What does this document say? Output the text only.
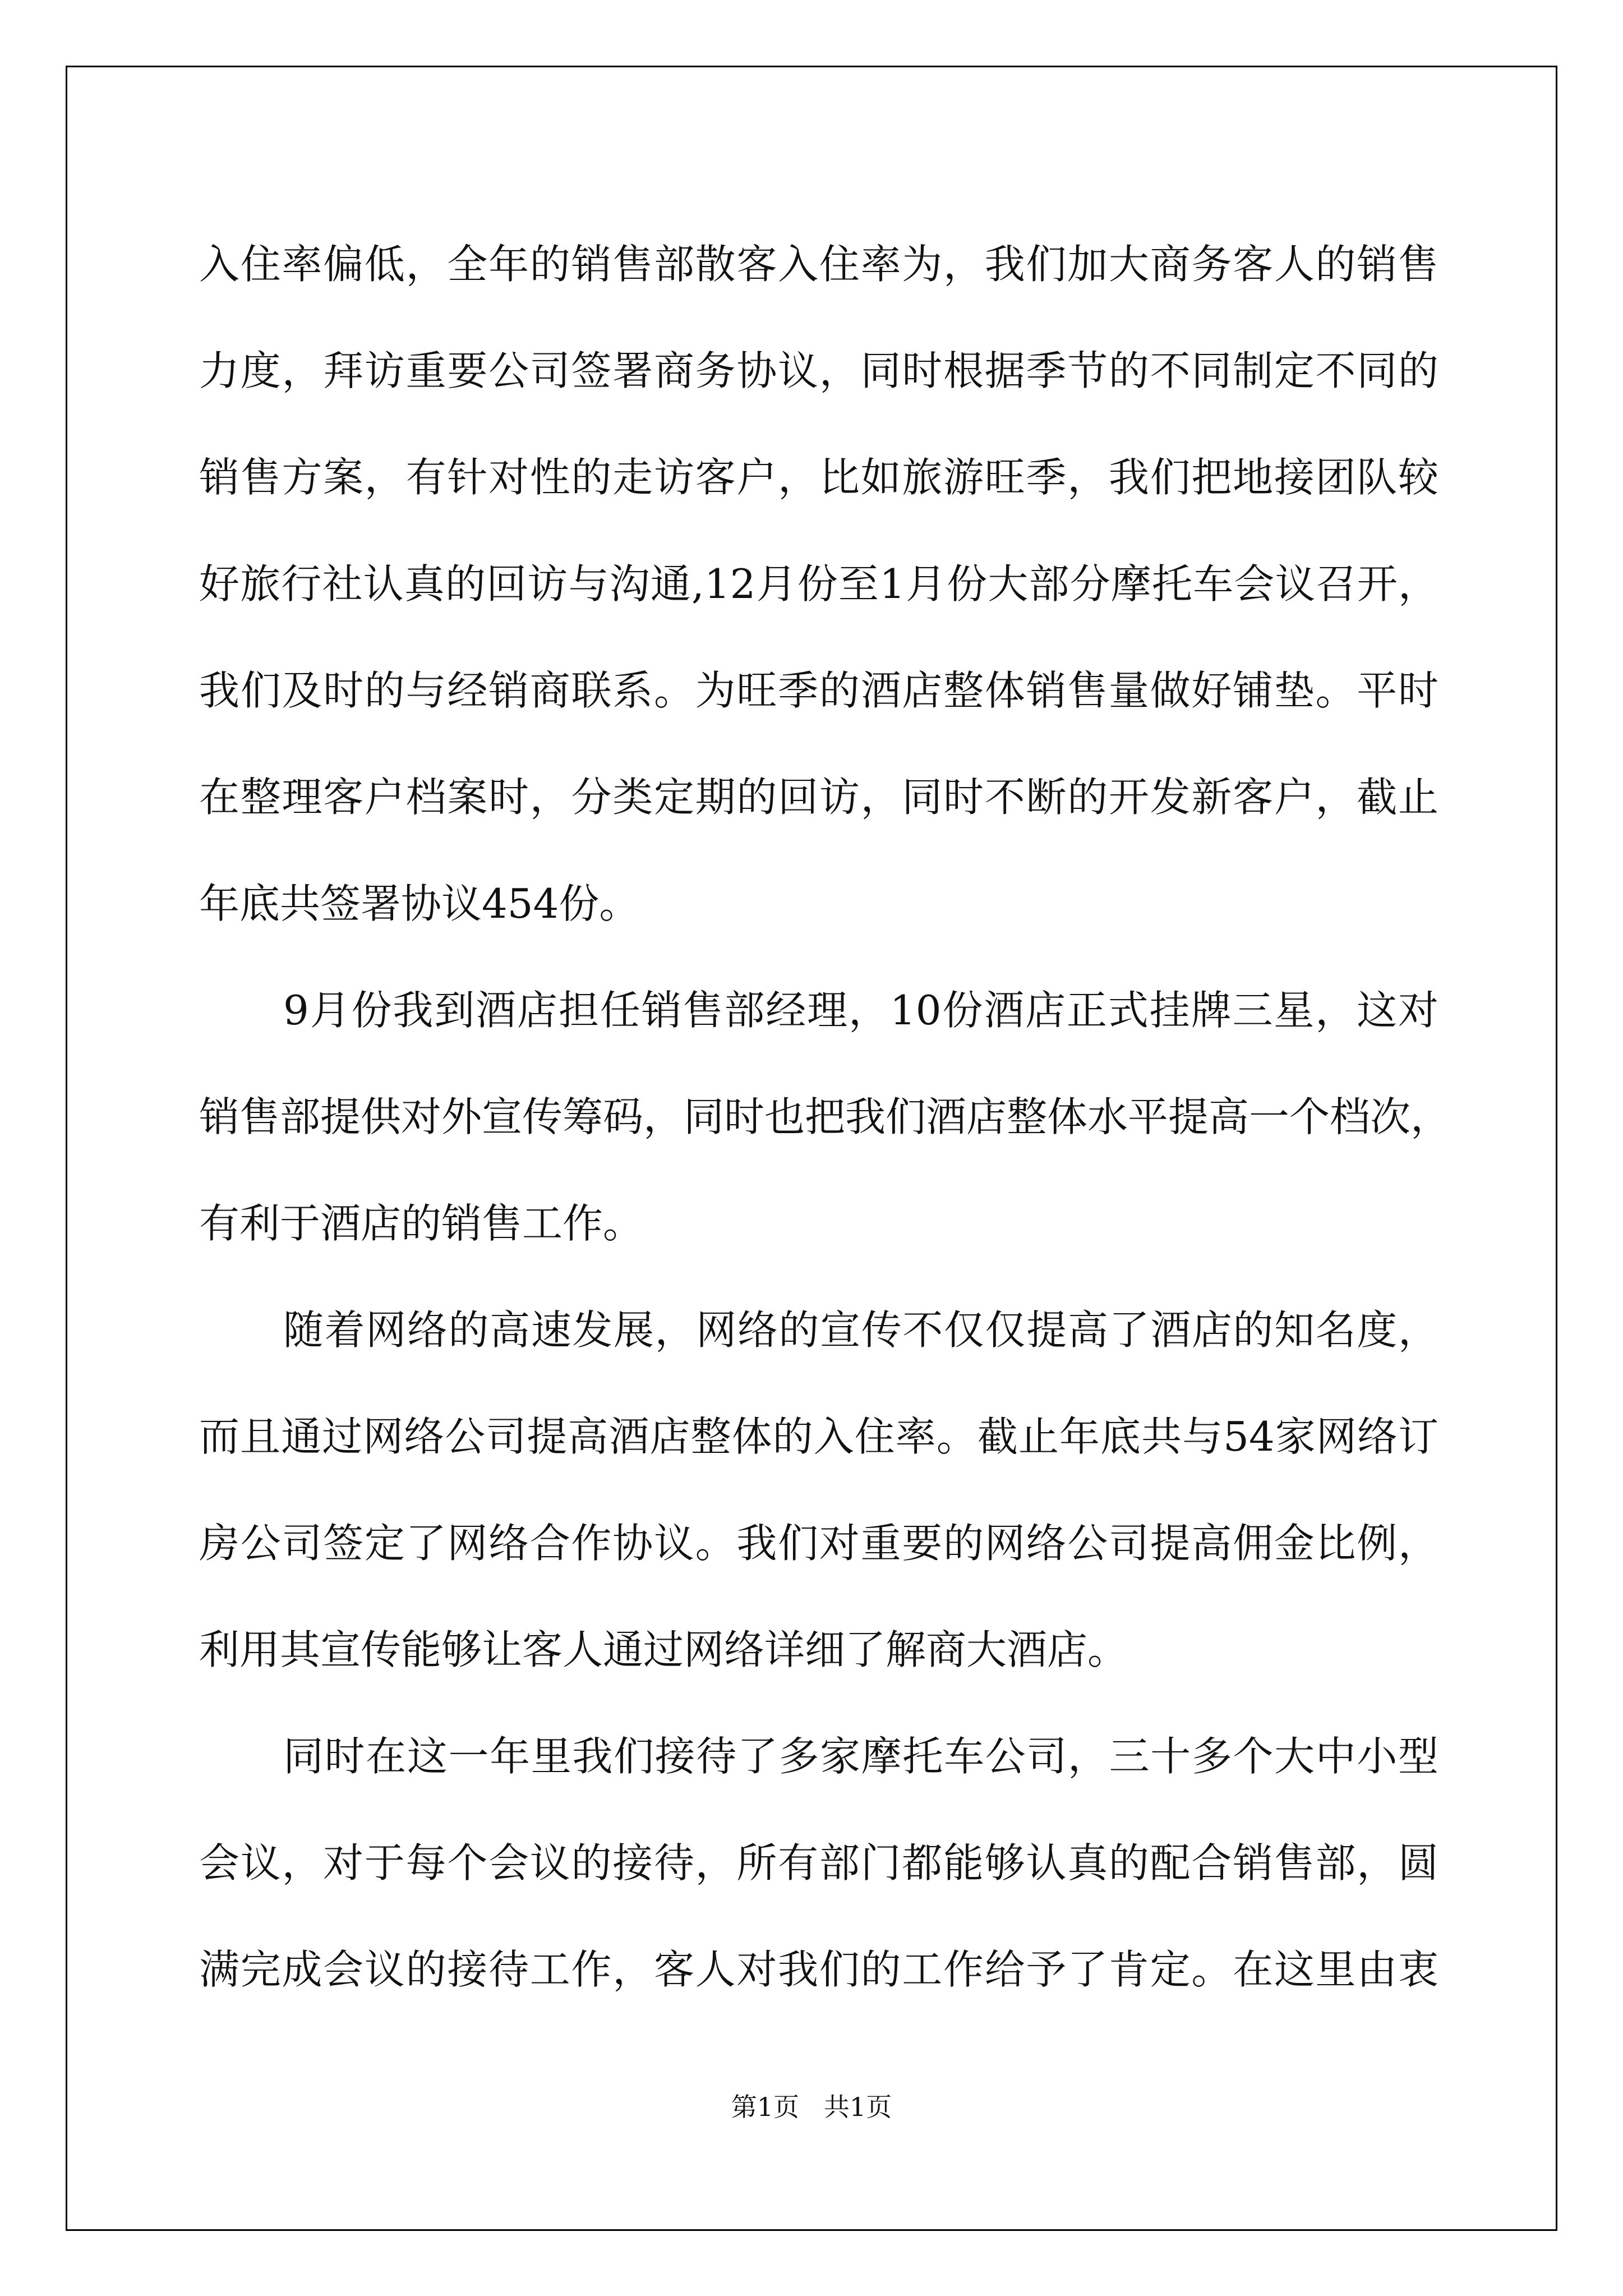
入住率偏低，全年的销售部散客入住率为，我们加大商务客人的销售
力度，拜访重要公司签署商务协议，同时根据季节的不同制定不同的
销售方案，有针对性的走访客户，比如旅游旺季，我们把地接团队较
好旅行社认真的回访与沟通,12月份至1月份大部分摩托车会议召开，
我们及时的与经销商联系。为旺季的酒店整体销售量做好铺垫。平时
在整理客户档案时，分类定期的回访，同时不断的开发新客户，截止
年底共签署协议454份。
9月份我到酒店担任销售部经理，10份酒店正式挂牌三星，这对
销售部提供对外宣传筹码，同时也把我们酒店整体水平提高一个档次，
有利于酒店的销售工作。
随着网络的高速发展，网络的宣传不仅仅提高了酒店的知名度，
而且通过网络公司提高酒店整体的入住率。截止年底共与54家网络订
房公司签定了网络合作协议。我们对重要的网络公司提高佣金比例，
利用其宣传能够让客人通过网络详细了解商大酒店。
同时在这一年里我们接待了多家摩托车公司，三十多个大中小型
会议，对于每个会议的接待，所有部门都能够认真的配合销售部，圆
满完成会议的接待工作，客人对我们的工作给予了肯定。在这里由衷
第1页   共1页
